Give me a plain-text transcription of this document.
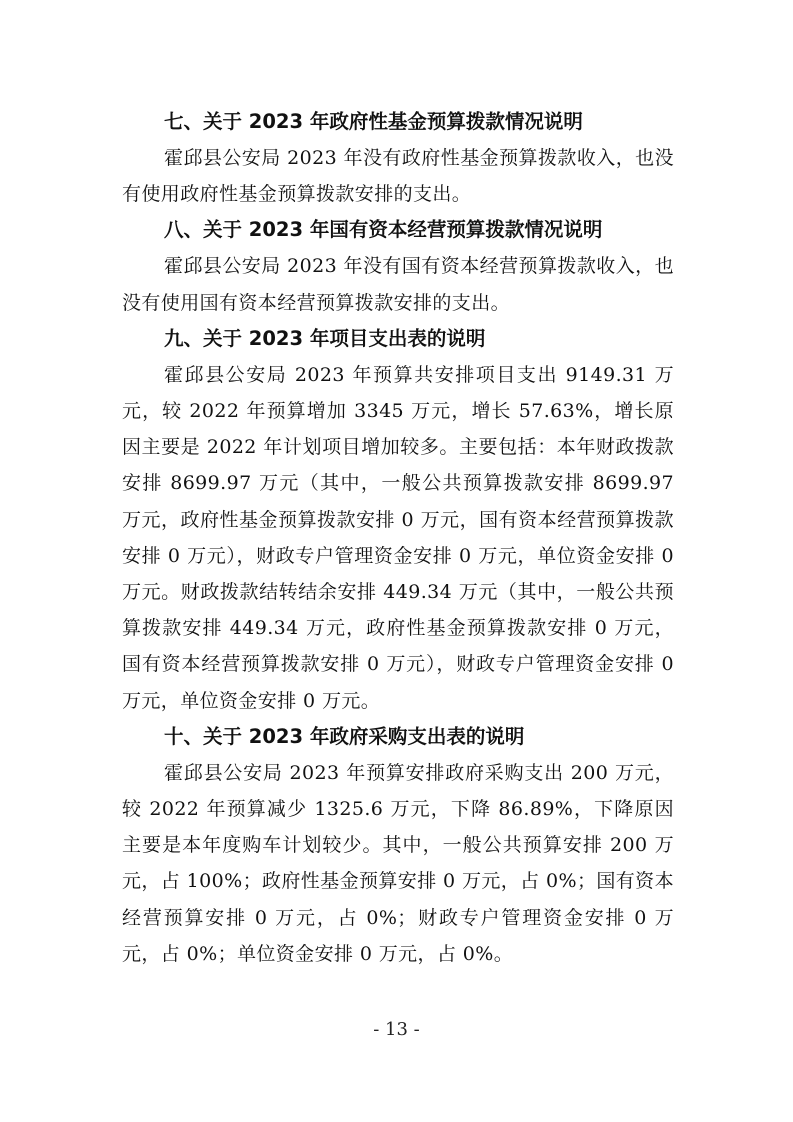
七、关于 2023 年政府性基金预算拨款情况说明

霍邱县公安局 2023 年没有政府性基金预算拨款收入，也没有使用政府性基金预算拨款安排的支出。

八、关于 2023 年国有资本经营预算拨款情况说明

霍邱县公安局 2023 年没有国有资本经营预算拨款收入，也没有使用国有资本经营预算拨款安排的支出。

九、关于 2023 年项目支出表的说明

霍邱县公安局 2023 年预算共安排项目支出 9149.31 万元，较 2022 年预算增加 3345 万元，增长 57.63%，增长原因主要是 2022 年计划项目增加较多。主要包括：本年财政拨款安排 8699.97 万元（其中，一般公共预算拨款安排 8699.97 万元，政府性基金预算拨款安排 0 万元，国有资本经营预算拨款安排 0 万元），财政专户管理资金安排 0 万元，单位资金安排 0 万元。财政拨款结转结余安排 449.34 万元（其中，一般公共预算拨款安排 449.34 万元，政府性基金预算拨款安排 0 万元，国有资本经营预算拨款安排 0 万元），财政专户管理资金安排 0 万元，单位资金安排 0 万元。

十、关于 2023 年政府采购支出表的说明

霍邱县公安局 2023 年预算安排政府采购支出 200 万元，较 2022 年预算减少 1325.6 万元，下降 86.89%，下降原因主要是本年度购车计划较少。其中，一般公共预算安排 200 万元，占 100%；政府性基金预算安排 0 万元，占 0%；国有资本经营预算安排 0 万元，占 0%；财政专户管理资金安排 0 万元，占 0%；单位资金安排 0 万元，占 0%。

- 13 -
